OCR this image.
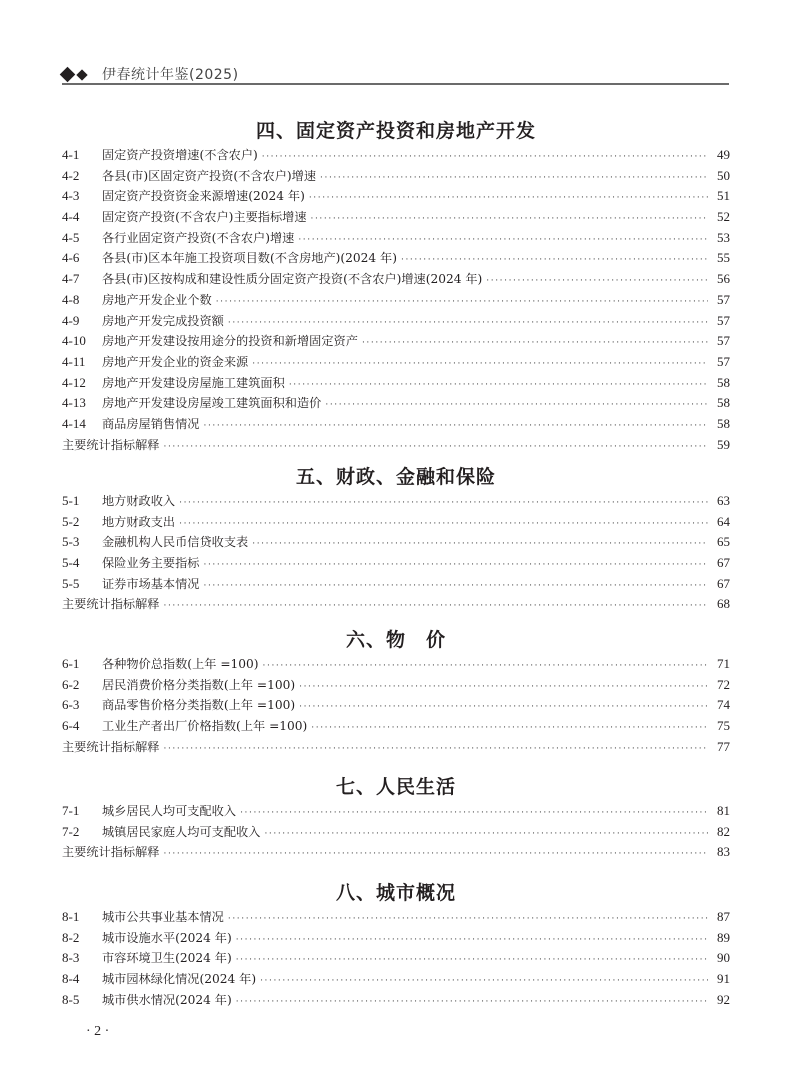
伊春统计年鉴(2025)
四、固定资产投资和房地产开发
4-1	固定资产投资增速(不含农户) ·····	49
4-2	各县(市)区固定资产投资(不含农户)增速 ·····	50
4-3	固定资产投资资金来源增速(2024 年) ·····	51
4-4	固定资产投资(不含农户)主要指标增速 ·····	52
4-5	各行业固定资产投资(不含农户)增速 ·····	53
4-6	各县(市)区本年施工投资项目数(不含房地产)(2024 年) ·····	55
4-7	各县(市)区按构成和建设性质分固定资产投资(不含农户)增速(2024 年) ·····	56
4-8	房地产开发企业个数 ·····	57
4-9	房地产开发完成投资额 ·····	57
4-10	房地产开发建设按用途分的投资和新增固定资产 ·····	57
4-11	房地产开发企业的资金来源 ·····	57
4-12	房地产开发建设房屋施工建筑面积 ·····	58
4-13	房地产开发建设房屋竣工建筑面积和造价 ·····	58
4-14	商品房屋销售情况 ·····	58
主要统计指标解释 ·····	59
五、财政、金融和保险
5-1	地方财政收入 ·····	63
5-2	地方财政支出 ·····	64
5-3	金融机构人民币信贷收支表 ·····	65
5-4	保险业务主要指标 ·····	67
5-5	证券市场基本情况 ·····	67
主要统计指标解释 ·····	68
六、物　价
6-1	各种物价总指数(上年 =100) ·····	71
6-2	居民消费价格分类指数(上年 =100) ·····	72
6-3	商品零售价格分类指数(上年 =100) ·····	74
6-4	工业生产者出厂价格指数(上年 =100) ·····	75
主要统计指标解释 ·····	77
七、人民生活
7-1	城乡居民人均可支配收入 ·····	81
7-2	城镇居民家庭人均可支配收入 ·····	82
主要统计指标解释 ·····	83
八、城市概况
8-1	城市公共事业基本情况 ·····	87
8-2	城市设施水平(2024 年) ·····	89
8-3	市容环境卫生(2024 年) ·····	90
8-4	城市园林绿化情况(2024 年) ·····	91
8-5	城市供水情况(2024 年) ·····	92
· 2 ·
